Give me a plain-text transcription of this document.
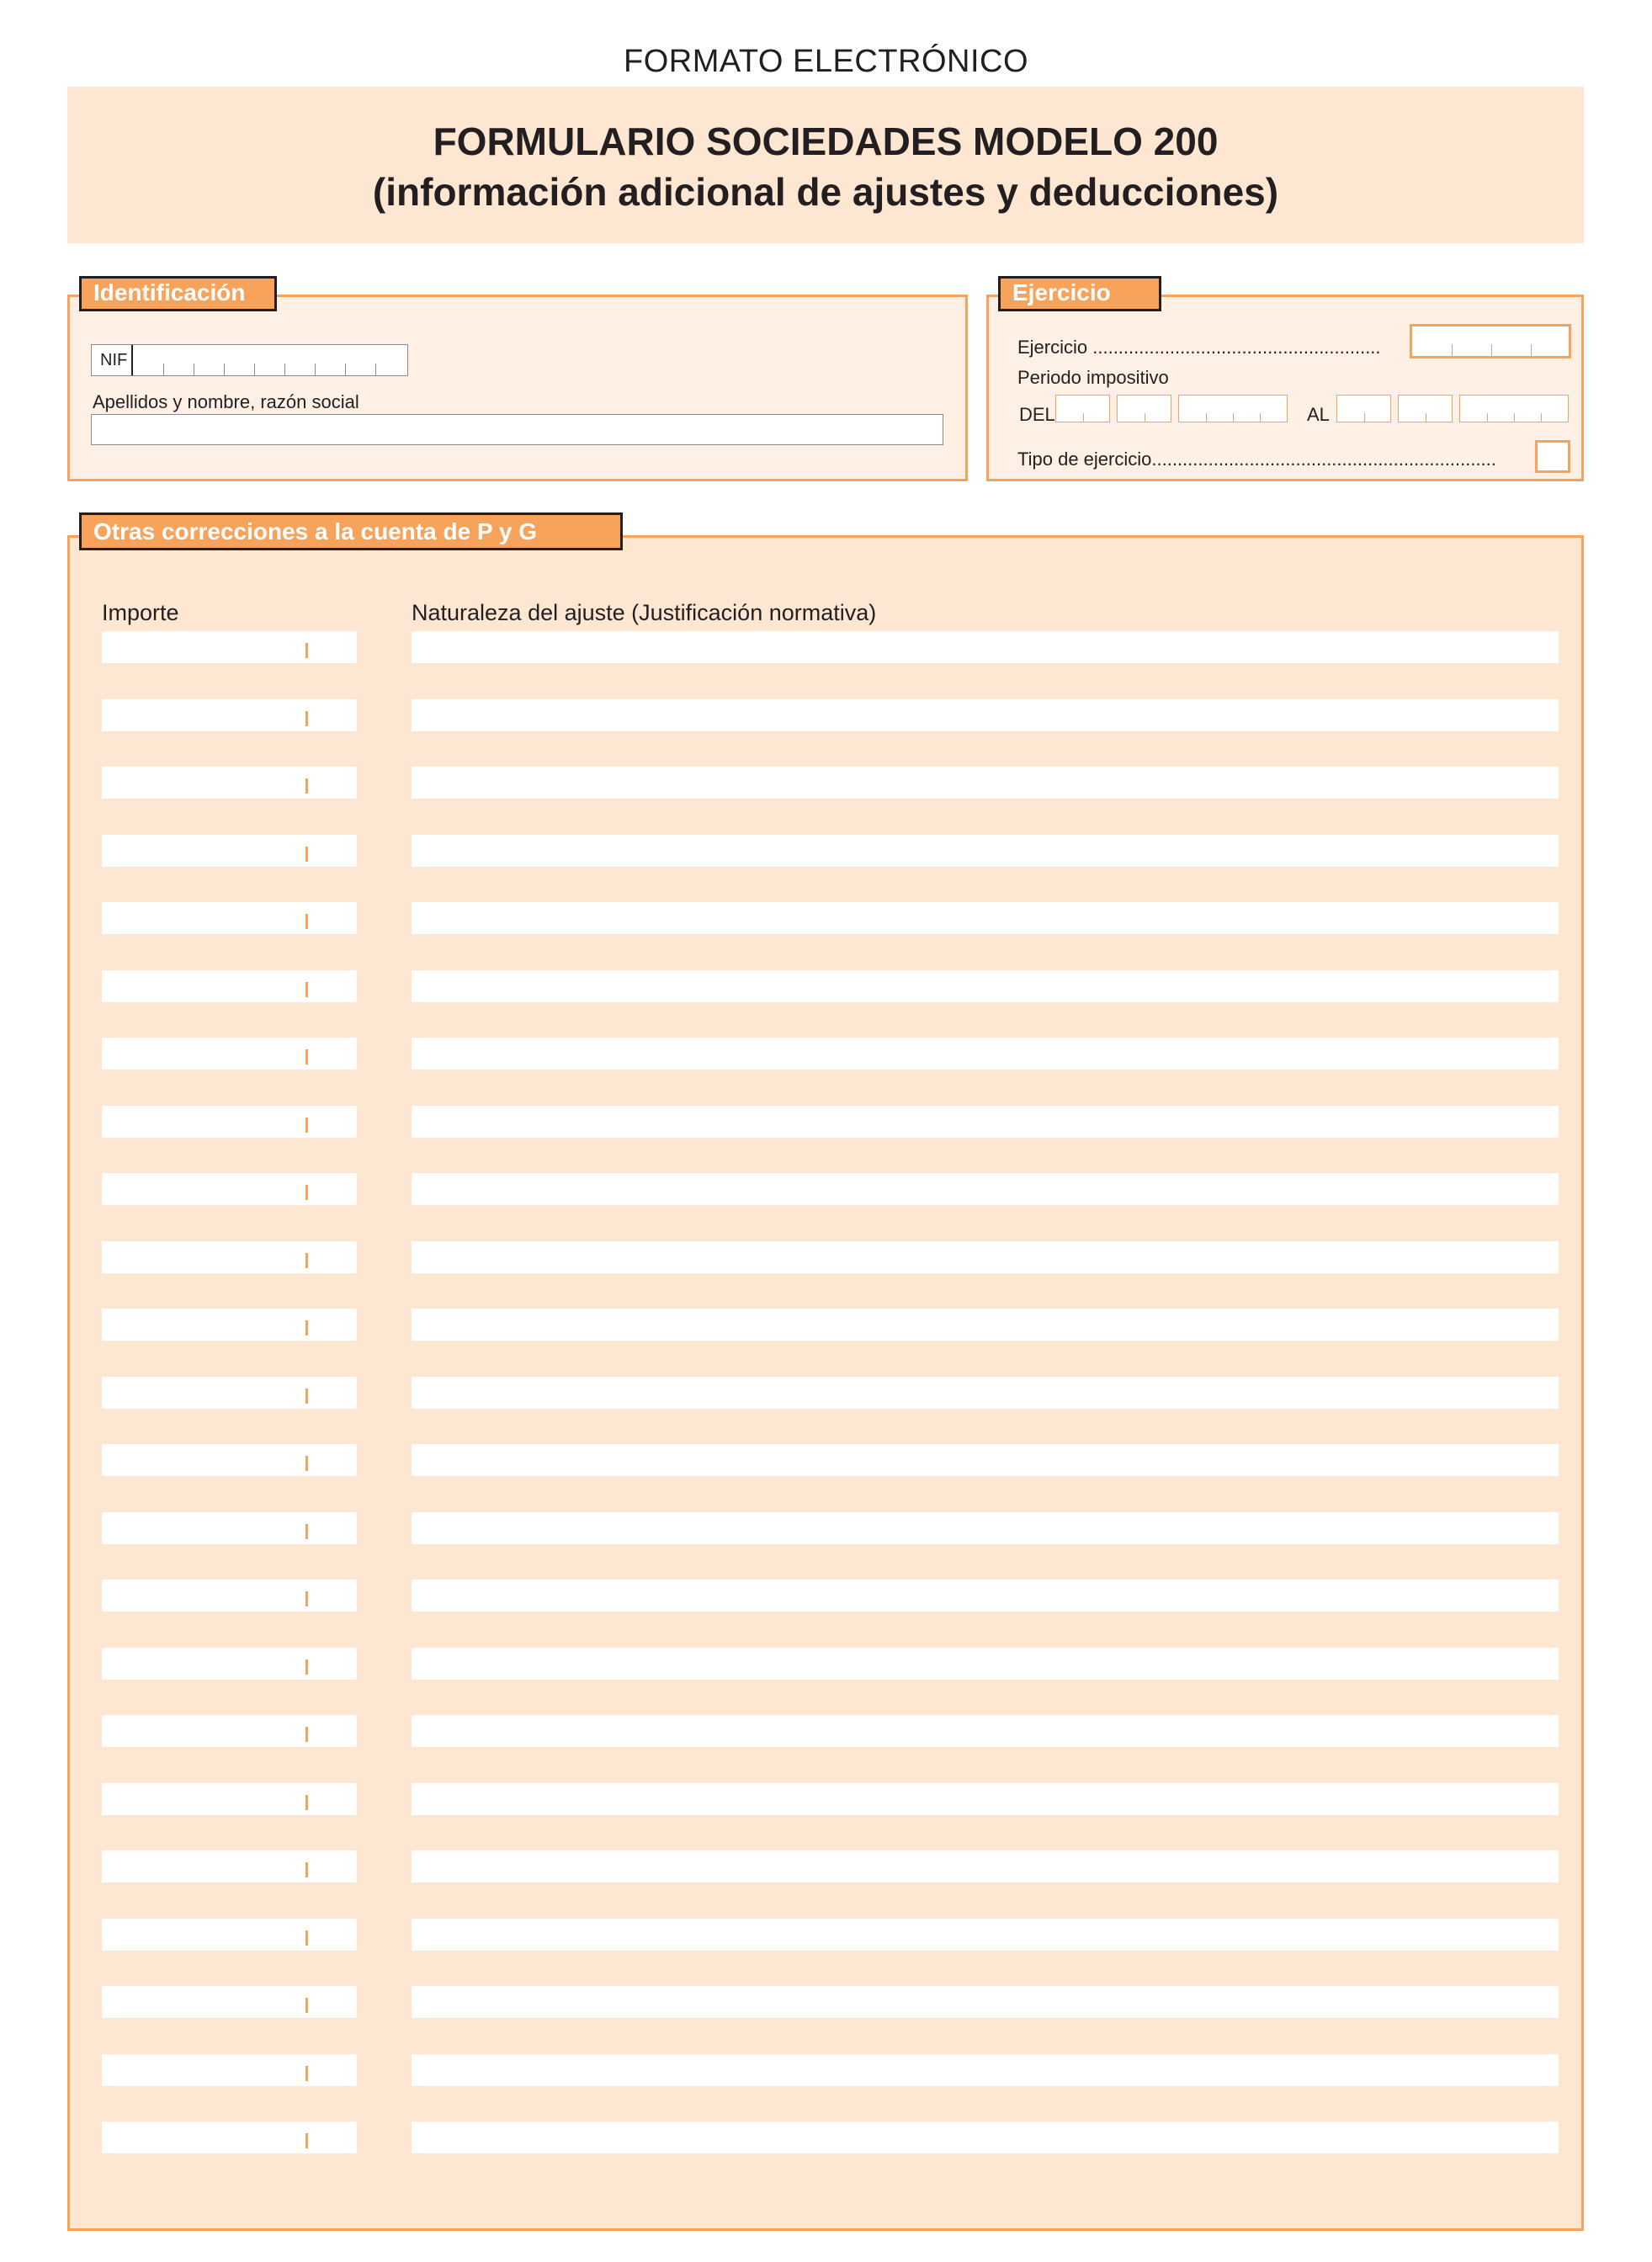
FORMATO ELECTRÓNICO
FORMULARIO SOCIEDADES MODELO 200
(información adicional de ajustes y deducciones)
NIF
Apellidos y nombre, razón social
Identificación
Ejercicio ........................................................
Periodo impositivo
DEL	AL
Tipo de ejercicio...................................................................
Ejercicio
Importe	Naturaleza del ajuste (Justificación normativa)
Otras correcciones a la cuenta de P y G
